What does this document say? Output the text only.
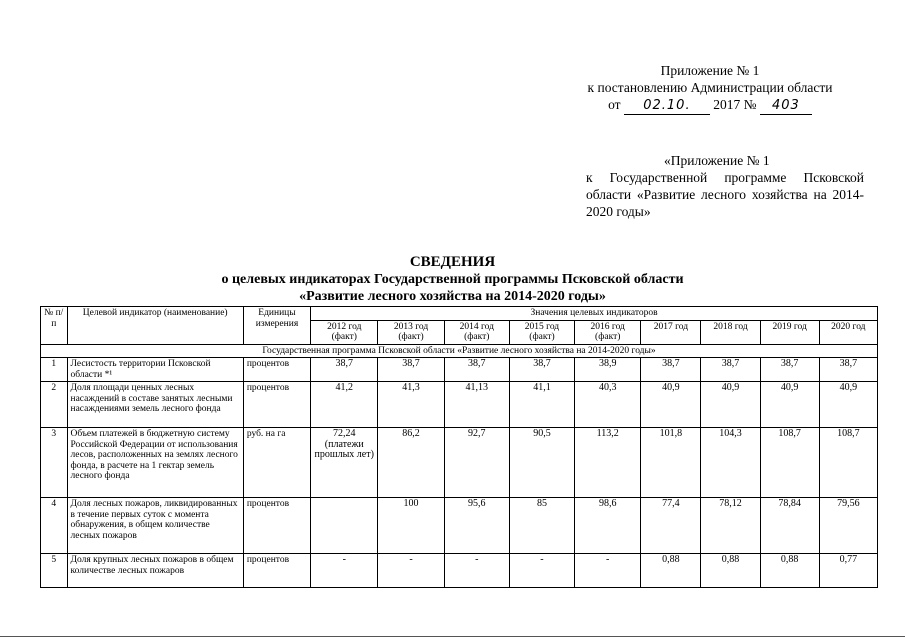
Приложение № 1
к постановлению Администрации области
от 02.10. 2017 № 403
«Приложение № 1
к Государственной программе Псковской области «Развитие лесного хозяйства на 2014-2020 годы»
СВЕДЕНИЯ
о целевых индикаторах Государственной программы Псковской области
«Развитие лесного хозяйства на 2014-2020 годы»
№ п/п	Целевой индикатор (наименование)	Единицы измерения	Значения целевых индикаторов								
			2012 год (факт)	2013 год (факт)	2014 год (факт)	2015 год (факт)	2016 год (факт)	2017 год	2018 год	2019 год	2020 год
Государственная программа Псковской области «Развитие лесного хозяйства на 2014-2020 годы»											
1	Лесистость территории Псковской области *¹	процентов	38,7	38,7	38,7	38,7	38,9	38,7	38,7	38,7	38,7
2	Доля площади ценных лесных насаждений в составе занятых лесными насаждениями земель лесного фонда	процентов	41,2	41,3	41,13	41,1	40,3	40,9	40,9	40,9	40,9
3	Объем платежей в бюджетную систему Российской Федерации от использования лесов, расположенных на землях лесного фонда, в расчете на 1 гектар земель лесного фонда	руб. на га	72,24 (платежи прошлых лет)	86,2	92,7	90,5	113,2	101,8	104,3	108,7	108,7
4	Доля лесных пожаров, ликвидированных в течение первых суток с момента обнаружения, в общем количестве лесных пожаров	процентов		100	95,6	85	98,6	77,4	78,12	78,84	79,56
5	Доля крупных лесных пожаров в общем количестве лесных пожаров	процентов	-	-	-	-	-	0,88	0,88	0,88	0,77
